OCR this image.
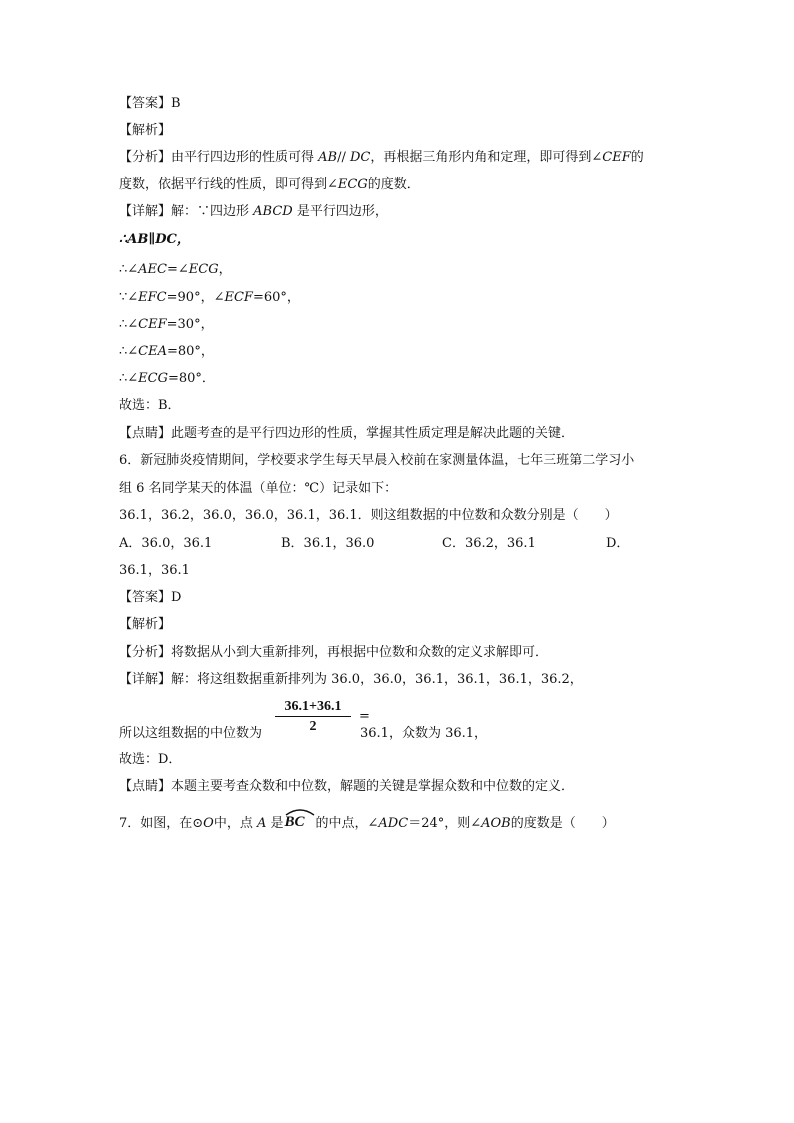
【答案】B
【解析】
【分析】由平行四边形的性质可得 AB// DC，再根据三角形内角和定理，即可得到∠CEF的
度数，依据平行线的性质，即可得到∠ECG的度数．
【详解】解：∵四边形 ABCD 是平行四边形，
∴AB∥DC，
∴∠AEC=∠ECG，
∵∠EFC=90°，∠ECF=60°，
∴∠CEF=30°，
∴∠CEA=80°，
∴∠ECG=80°．
故选：B．
【点睛】此题考查的是平行四边形的性质，掌握其性质定理是解决此题的关键．
6．新冠肺炎疫情期间，学校要求学生每天早晨入校前在家测量体温，七年三班第二学习小
组 6 名同学某天的体温（单位：℃）记录如下：
36.1，36.2，36.0，36.0，36.1，36.1．则这组数据的中位数和众数分别是（　　）
A．36.0，36.1	B．36.1，36.0	C．36.2，36.1	D．
36.1，36.1
【答案】D
【解析】
【分析】将数据从小到大重新排列，再根据中位数和众数的定义求解即可．
【详解】解：将这组数据重新排列为 36.0，36.0，36.1，36.1，36.1，36.2，
36.1+36.1
2
=
所以这组数据的中位数为	36.1，众数为 36.1，
故选：D．
【点睛】本题主要考查众数和中位数，解题的关键是掌握众数和中位数的定义．
7．如图，在⊙O中，点 A 是 BC 的中点，∠ADC＝24°，则∠AOB的度数是（　　）
